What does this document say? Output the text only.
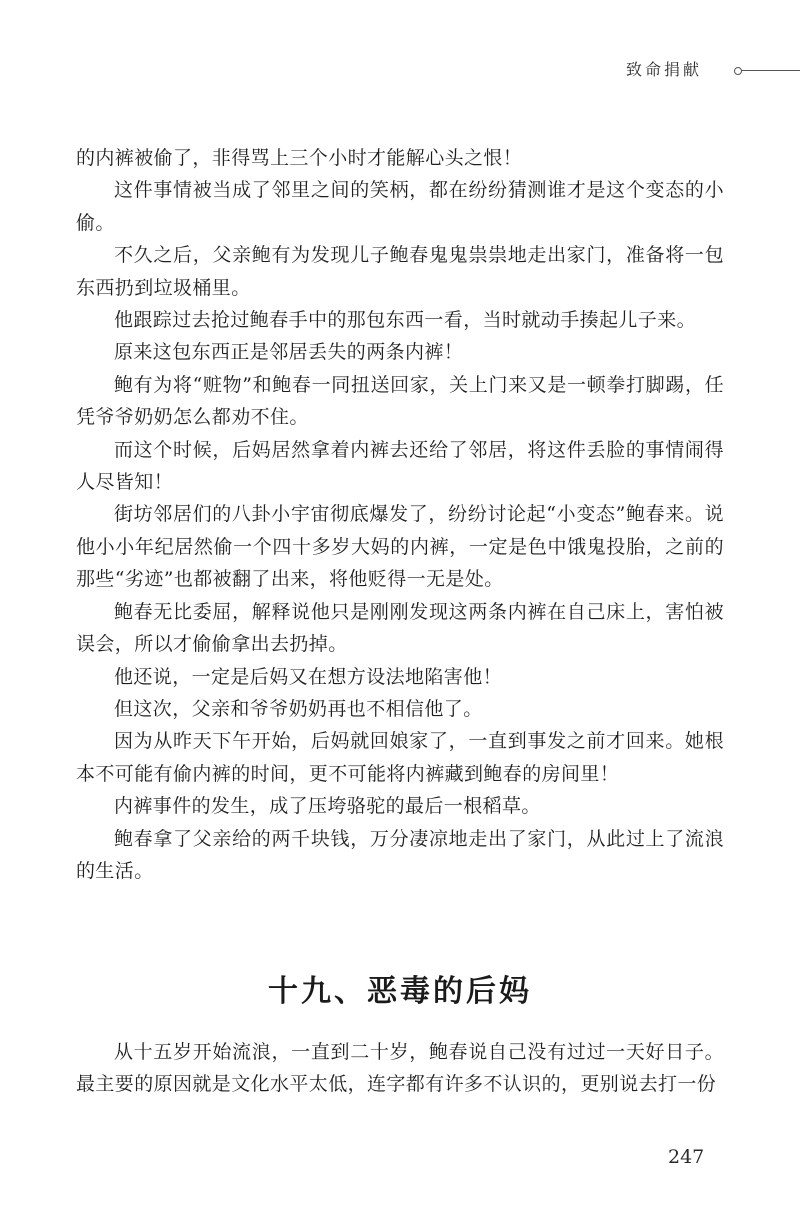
致命捐献

的内裤被偷了，非得骂上三个小时才能解心头之恨！

这件事情被当成了邻里之间的笑柄，都在纷纷猜测谁才是这个变态的小偷。

不久之后，父亲鲍有为发现儿子鲍春鬼鬼祟祟地走出家门，准备将一包东西扔到垃圾桶里。

他跟踪过去抢过鲍春手中的那包东西一看，当时就动手揍起儿子来。

原来这包东西正是邻居丢失的两条内裤！

鲍有为将“赃物”和鲍春一同扭送回家，关上门来又是一顿拳打脚踢，任凭爷爷奶奶怎么都劝不住。

而这个时候，后妈居然拿着内裤去还给了邻居，将这件丢脸的事情闹得人尽皆知！

街坊邻居们的八卦小宇宙彻底爆发了，纷纷讨论起“小变态”鲍春来。说他小小年纪居然偷一个四十多岁大妈的内裤，一定是色中饿鬼投胎，之前的那些“劣迹”也都被翻了出来，将他贬得一无是处。

鲍春无比委屈，解释说他只是刚刚发现这两条内裤在自己床上，害怕被误会，所以才偷偷拿出去扔掉。

他还说，一定是后妈又在想方设法地陷害他！

但这次，父亲和爷爷奶奶再也不相信他了。

因为从昨天下午开始，后妈就回娘家了，一直到事发之前才回来。她根本不可能有偷内裤的时间，更不可能将内裤藏到鲍春的房间里！

内裤事件的发生，成了压垮骆驼的最后一根稻草。

鲍春拿了父亲给的两千块钱，万分凄凉地走出了家门，从此过上了流浪的生活。

十九、恶毒的后妈

从十五岁开始流浪，一直到二十岁，鲍春说自己没有过过一天好日子。最主要的原因就是文化水平太低，连字都有许多不认识的，更别说去打一份

247
